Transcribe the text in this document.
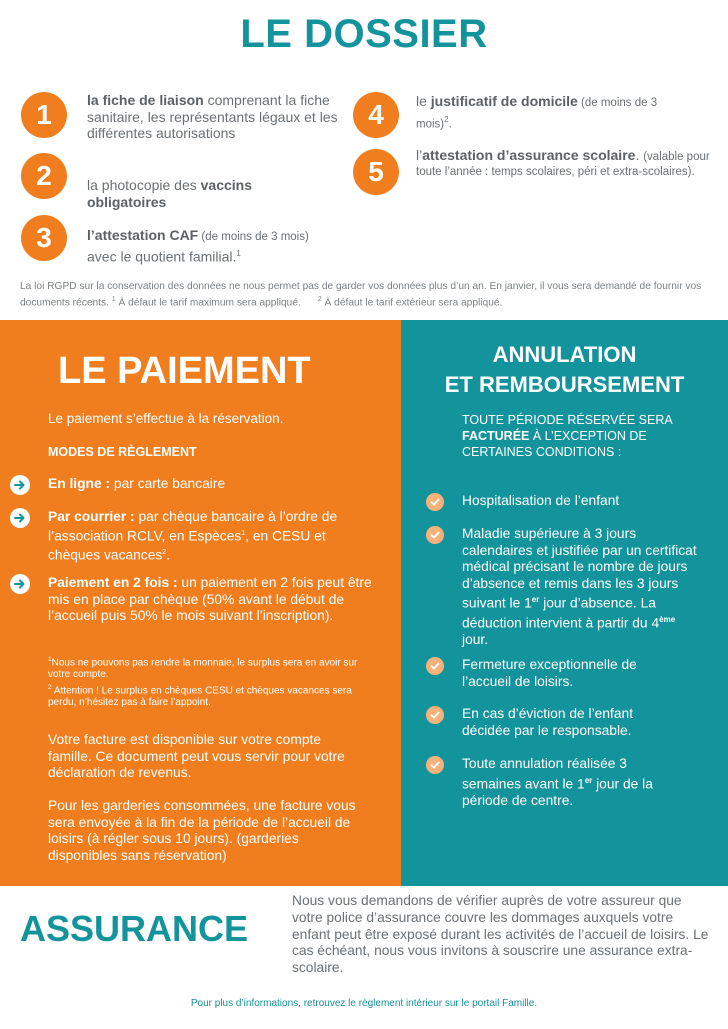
LE DOSSIER
1	la fiche de liaison comprenant la fiche sanitaire, les représentants légaux et les différentes autorisations
2	la photocopie des vaccins obligatoires
3	l’attestation CAF (de moins de 3 mois)
avec le quotient familial.$^1$
4	le justificatif de domicile (de moins de 3 mois)$^2$.
5
l’attestation d’assurance scolaire. (valable pour toute l’année : temps scolaires, péri et extra-scolaires).
La loi RGPD sur la conservation des données ne nous permet pas de garder vos données plus d’un an. En janvier, il vous sera demandé de fournir vos documents récents. $^1$ À défaut le tarif maximum sera appliqué. $^2$ À défaut le tarif extérieur sera appliqué.
LE PAIEMENT

Le paiement s’effectue à la réservation.

MODES DE RÈGLEMENT

En ligne : par carte bancaire
Par courrier : par chèque bancaire à l’ordre de l’association RCLV, en Espèces$^1$, en CESU et chèques vacances$^2$.
Paiement en 2 fois : un paiement en 2 fois peut être mis en place par chèque (50% avant le début de l’accueil puis 50% le mois suivant l’inscription).

$^1$Nous ne pouvons pas rendre la monnaie, le surplus sera en avoir sur votre compte.

$^2$ Attention ! Le surplus en chèques CESU et chèques vacances sera perdu, n’hésitez pas à faire l’appoint.

Votre facture est disponible sur votre compte famille. Ce document peut vous servir pour votre déclaration de revenus.

Pour les garderies consommées, une facture vous sera envoyée à la fin de la période de l’accueil de loisirs (à régler sous 10 jours). (garderies disponibles sans réservation)

ANNULATION
ET REMBOURSEMENT

TOUTE PÉRIODE RÉSERVÉE SERA
FACTURÉE À L’EXCEPTION DE CERTAINES CONDITIONS :

Hospitalisation de l’enfant
Maladie supérieure à 3 jours calendaires et justifiée par un certificat médical précisant le nombre de jours d’absence et remis dans les 3 jours suivant le 1er jour d’absence. La déduction intervient à partir du 4ème jour.
Fermeture exceptionnelle de l’accueil de loisirs.
En cas d’éviction de l’enfant décidée par le responsable.
Toute annulation réalisée 3 semaines avant le 1er jour de la période de centre.
ASSURANCE

Nous vous demandons de vérifier auprès de votre assureur que votre police d’assurance couvre les dommages auxquels votre enfant peut être exposé durant les activités de l’accueil de loisirs. Le cas échéant, nous vous invitons à souscrire une assurance extra-scolaire.

Pour plus d’informations, retrouvez le règlement intérieur sur le portail Famille.
